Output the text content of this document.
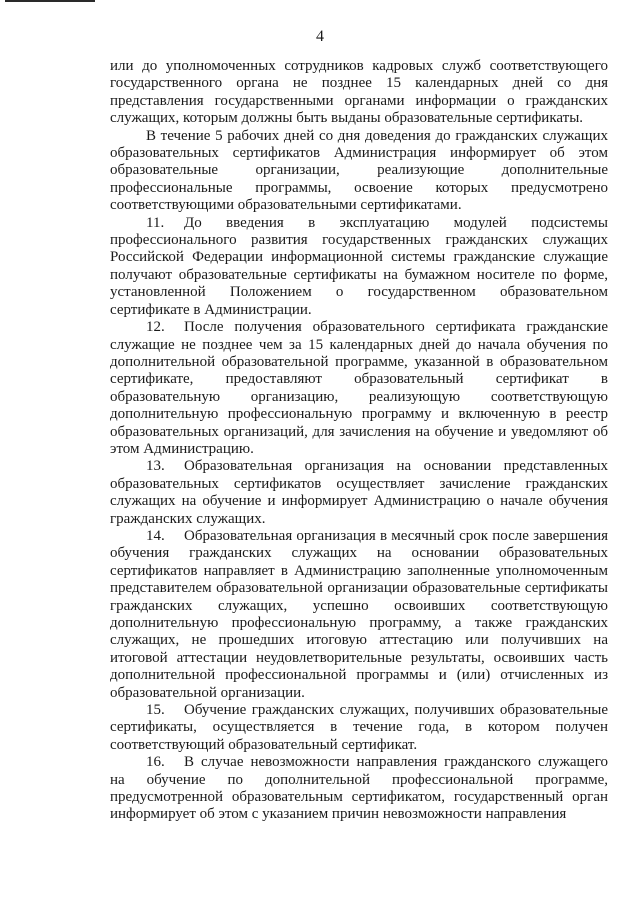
4

или до уполномоченных сотрудников кадровых служб соответствующего государственного органа не позднее 15 календарных дней со дня представления государственными органами информации о гражданских служащих, которым должны быть выданы образовательные сертификаты.

В течение 5 рабочих дней со дня доведения до гражданских служащих образовательных сертификатов Администрация информирует об этом образовательные организации, реализующие дополнительные профессиональные программы, освоение которых предусмотрено соответствующими образовательными сертификатами.

11. До введения в эксплуатацию модулей подсистемы профессионального развития государственных гражданских служащих Российской Федерации информационной системы гражданские служащие получают образовательные сертификаты на бумажном носителе по форме, установленной Положением о государственном образовательном сертификате в Администрации.

12. После получения образовательного сертификата гражданские служащие не позднее чем за 15 календарных дней до начала обучения по дополнительной образовательной программе, указанной в образовательном сертификате, предоставляют образовательный сертификат в образовательную организацию, реализующую соответствующую дополнительную профессиональную программу и включенную в реестр образовательных организаций, для зачисления на обучение и уведомляют об этом Администрацию.

13. Образовательная организация на основании представленных образовательных сертификатов осуществляет зачисление гражданских служащих на обучение и информирует Администрацию о начале обучения гражданских служащих.

14. Образовательная организация в месячный срок после завершения обучения гражданских служащих на основании образовательных сертификатов направляет в Администрацию заполненные уполномоченным представителем образовательной организации образовательные сертификаты гражданских служащих, успешно освоивших соответствующую дополнительную профессиональную программу, а также гражданских служащих, не прошедших итоговую аттестацию или получивших на итоговой аттестации неудовлетворительные результаты, освоивших часть дополнительной профессиональной программы и (или) отчисленных из образовательной организации.

15. Обучение гражданских служащих, получивших образовательные сертификаты, осуществляется в течение года, в котором получен соответствующий образовательный сертификат.

16. В случае невозможности направления гражданского служащего на обучение по дополнительной профессиональной программе, предусмотренной образовательным сертификатом, государственный орган информирует об этом с указанием причин невозможности направления
